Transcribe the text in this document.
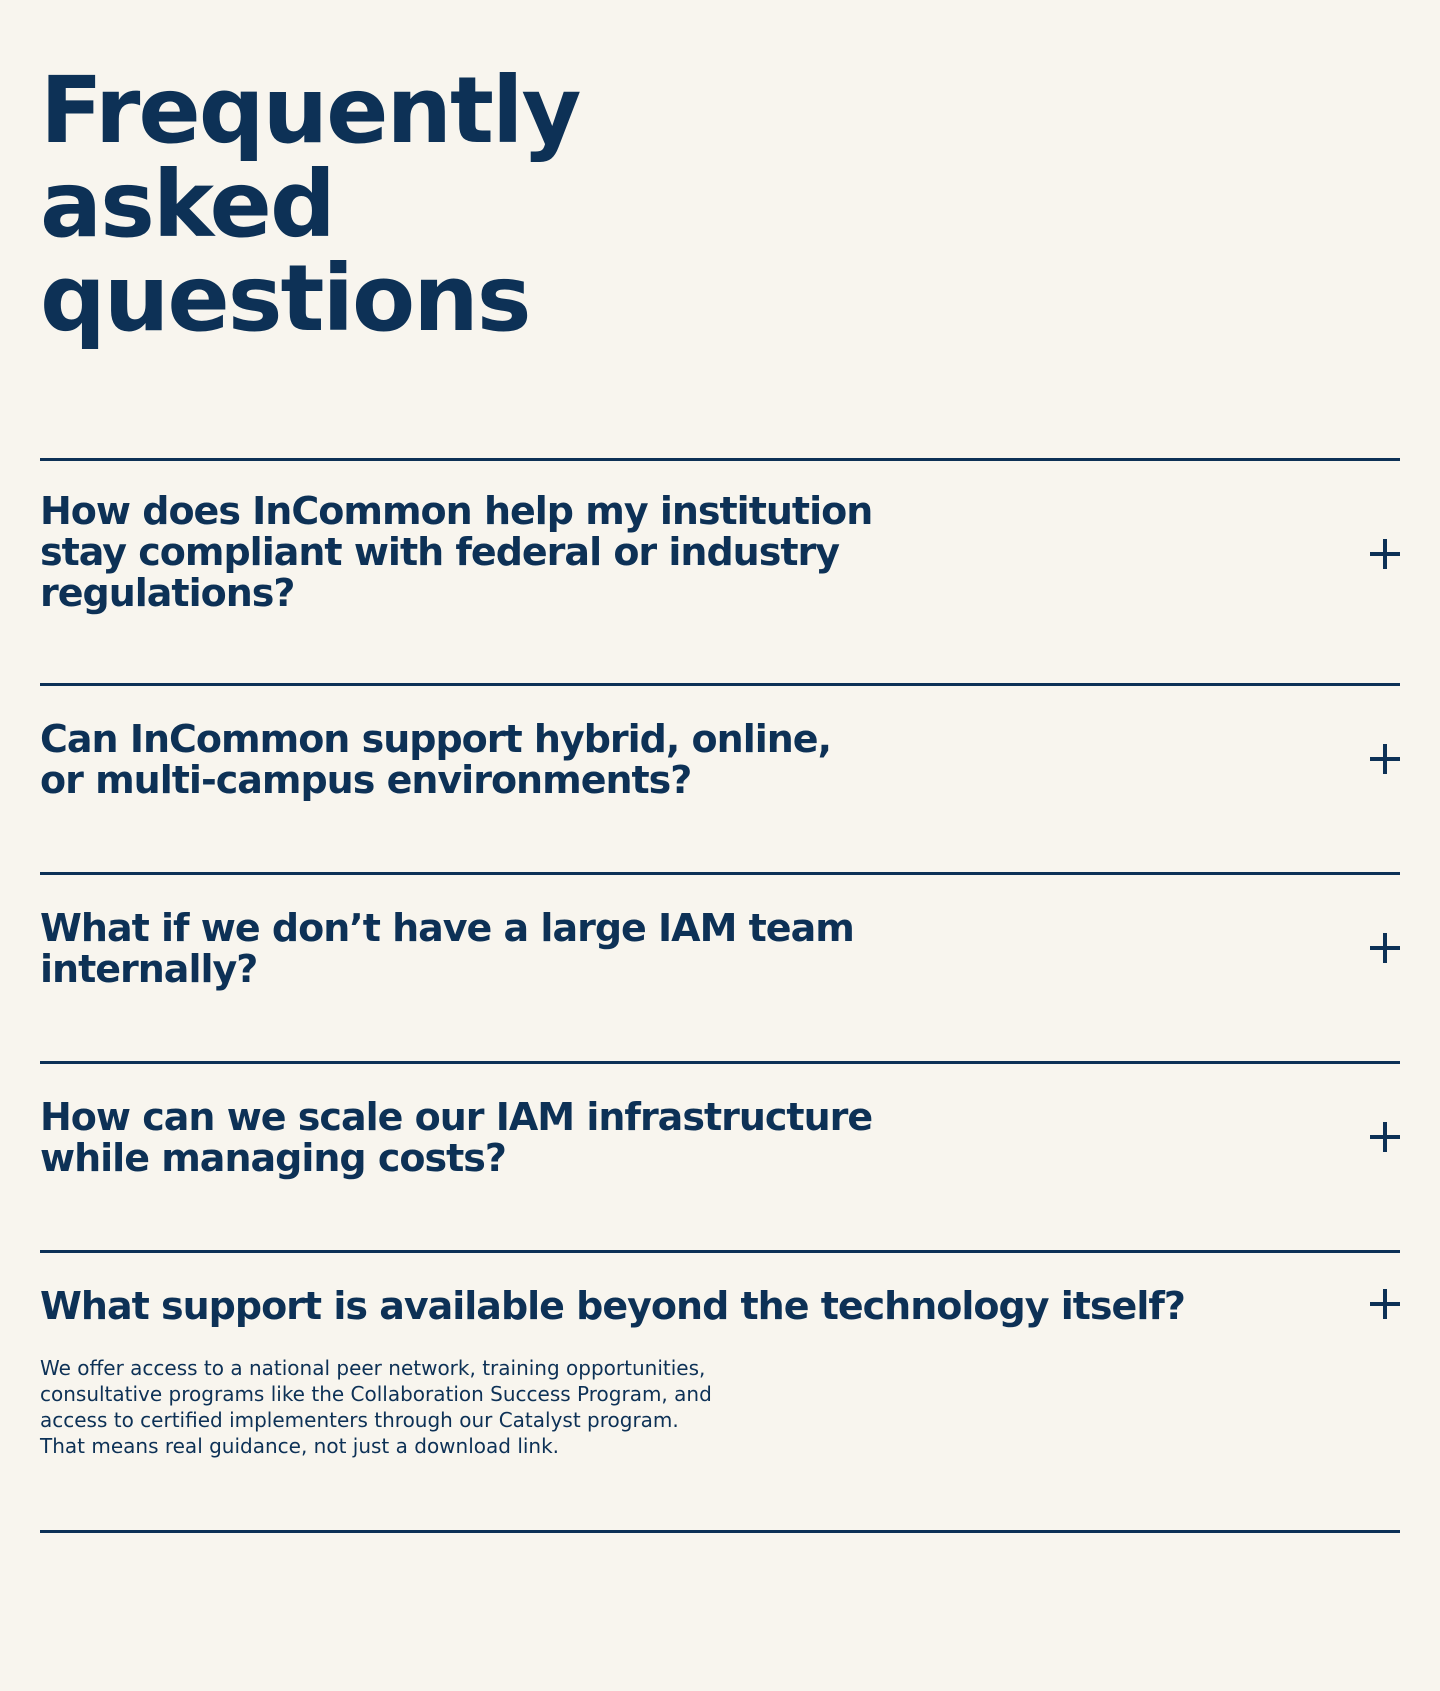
Frequently
asked
questions
How does InCommon help my institution
stay compliant with federal or industry
regulations?
Can InCommon support hybrid, online,
or multi-campus environments?
What if we don’t have a large IAM team
internally?
How can we scale our IAM infrastructure
while managing costs?
What support is available beyond the technology itself?

We offer access to a national peer network, training opportunities, consultative programs like the Collaboration Success Program, and access to certified implementers through our Catalyst program. That means real guidance, not just a download link.
